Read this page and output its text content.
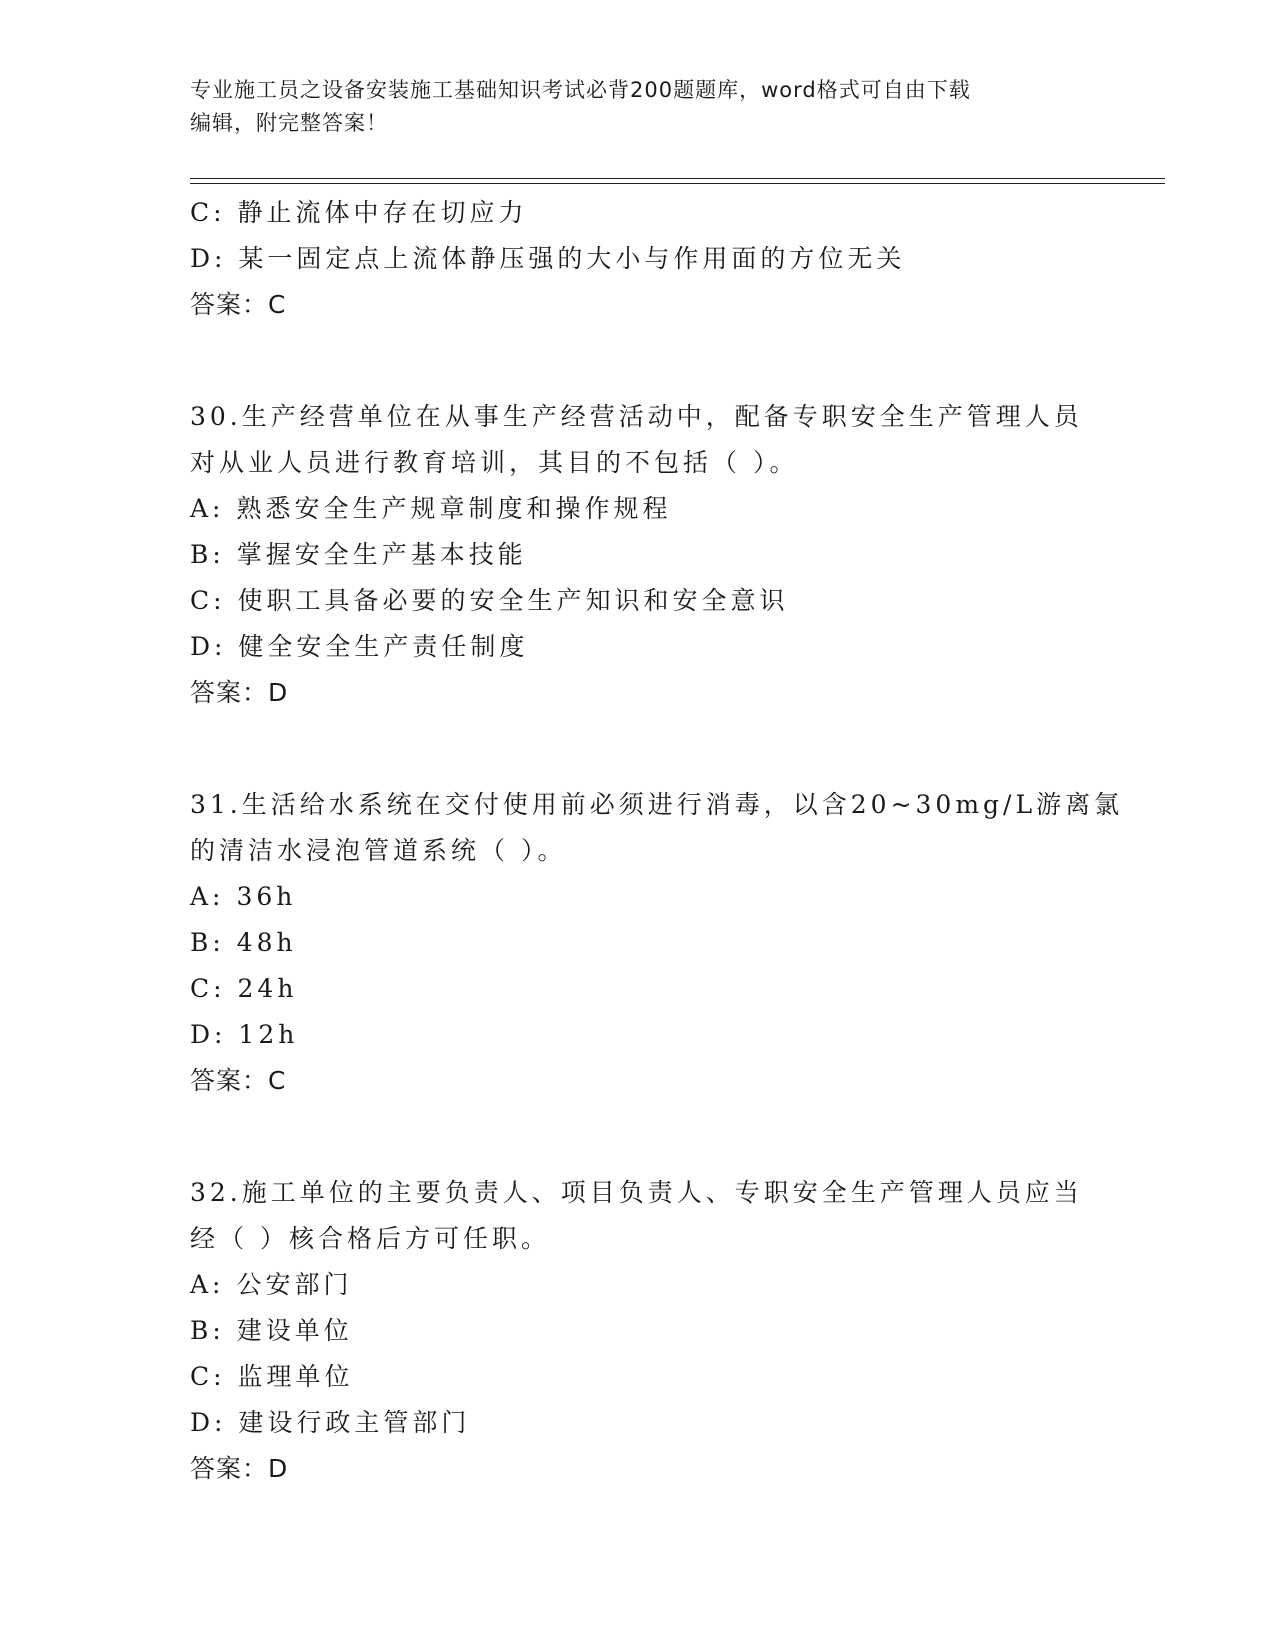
专业施工员之设备安装施工基础知识考试必背200题题库，word格式可自由下载
编辑，附完整答案！
C: 静止流体中存在切应力
D: 某一固定点上流体静压强的大小与作用面的方位无关
答案：C
30.生产经营单位在从事生产经营活动中，配备专职安全生产管理人员
对从业人员进行教育培训，其目的不包括（ ）。
A: 熟悉安全生产规章制度和操作规程
B: 掌握安全生产基本技能
C: 使职工具备必要的安全生产知识和安全意识
D: 健全安全生产责任制度
答案：D
31.生活给水系统在交付使用前必须进行消毒，以含20~30mg/L游离氯
的清洁水浸泡管道系统（ ）。
A: 36h
B: 48h
C: 24h
D: 12h
答案：C
32.施工单位的主要负责人、项目负责人、专职安全生产管理人员应当
经（ ）核合格后方可任职。
A: 公安部门
B: 建设单位
C: 监理单位
D: 建设行政主管部门
答案：D
